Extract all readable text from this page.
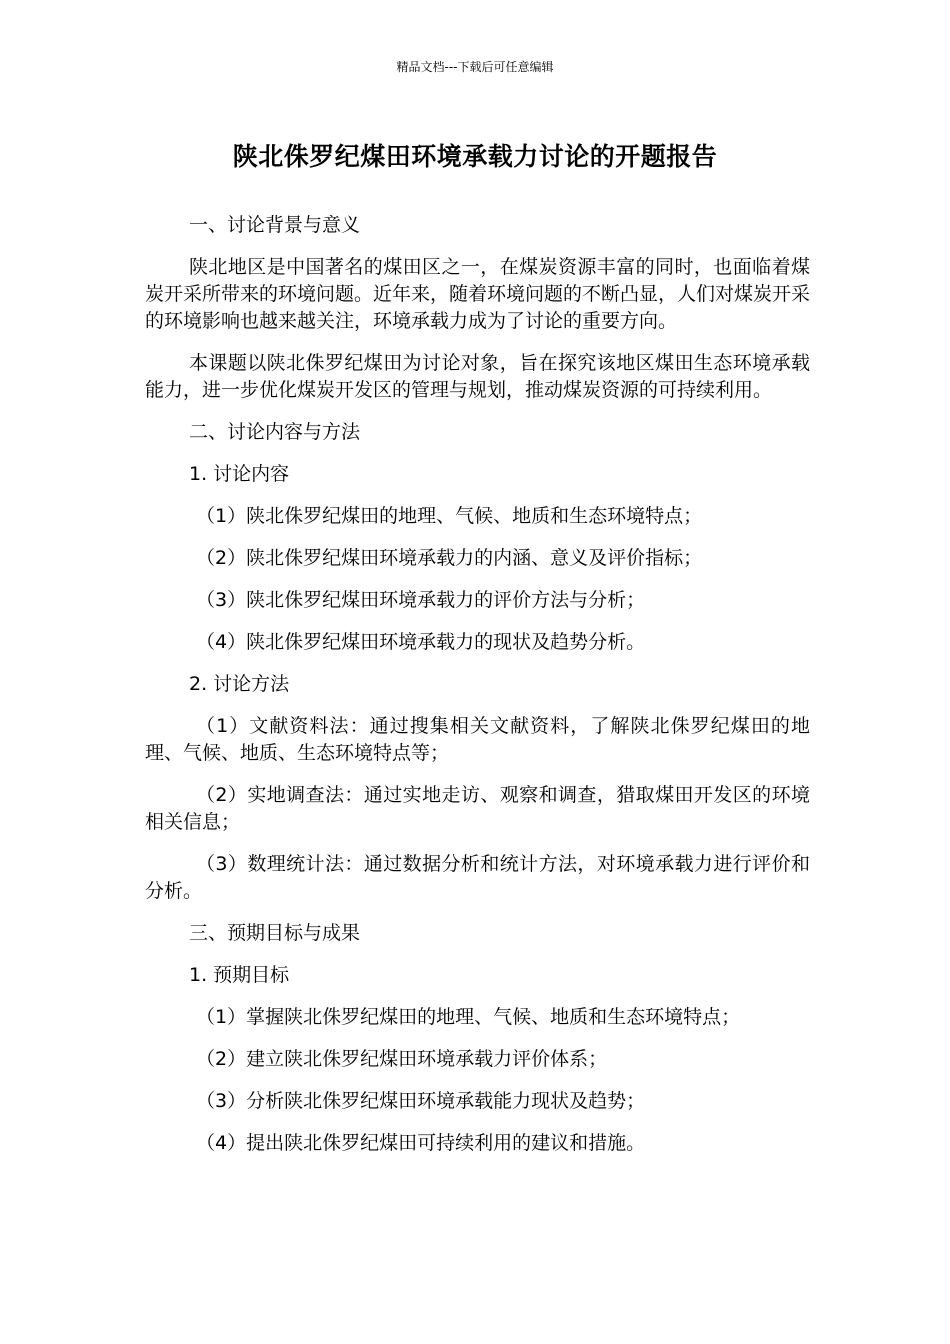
精品文档---下载后可任意编辑
陕北侏罗纪煤田环境承载力讨论的开题报告

一、讨论背景与意义

陕北地区是中国著名的煤田区之一，在煤炭资源丰富的同时，也面临着煤炭开采所带来的环境问题。近年来，随着环境问题的不断凸显，人们对煤炭开采的环境影响也越来越关注，环境承载力成为了讨论的重要方向。

本课题以陕北侏罗纪煤田为讨论对象，旨在探究该地区煤田生态环境承载能力，进一步优化煤炭开发区的管理与规划，推动煤炭资源的可持续利用。

二、讨论内容与方法

1. 讨论内容

（1）陕北侏罗纪煤田的地理、气候、地质和生态环境特点；

（2）陕北侏罗纪煤田环境承载力的内涵、意义及评价指标；

（3）陕北侏罗纪煤田环境承载力的评价方法与分析；

（4）陕北侏罗纪煤田环境承载力的现状及趋势分析。

2. 讨论方法

（1）文献资料法：通过搜集相关文献资料，了解陕北侏罗纪煤田的地理、气候、地质、生态环境特点等；

（2）实地调查法：通过实地走访、观察和调查，猎取煤田开发区的环境相关信息；

（3）数理统计法：通过数据分析和统计方法，对环境承载力进行评价和分析。

三、预期目标与成果

1. 预期目标

（1）掌握陕北侏罗纪煤田的地理、气候、地质和生态环境特点；

（2）建立陕北侏罗纪煤田环境承载力评价体系；

（3）分析陕北侏罗纪煤田环境承载能力现状及趋势；

（4）提出陕北侏罗纪煤田可持续利用的建议和措施。
